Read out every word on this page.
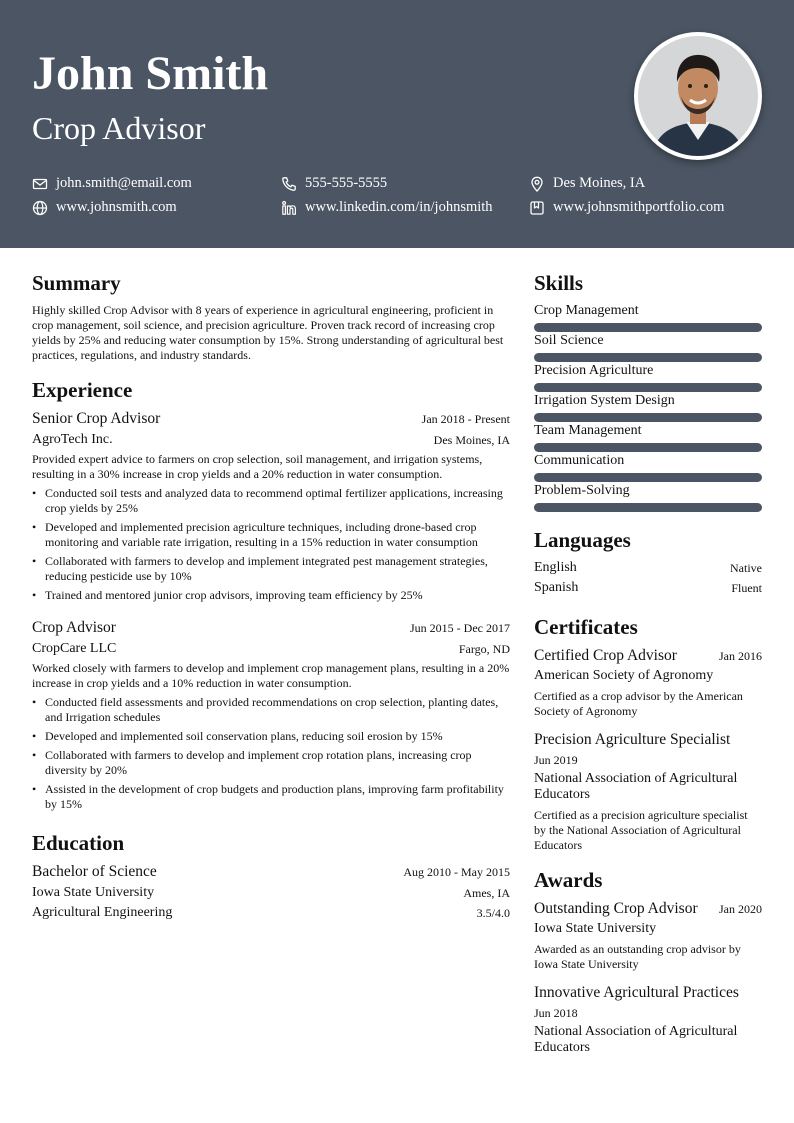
John Smith
Crop Advisor
john.smith@email.com	555-555-5555	Des Moines, IA
www.johnsmith.com	www.linkedin.com/in/johnsmith	www.johnsmithportfolio.com
Summary
Highly skilled Crop Advisor with 8 years of experience in agricultural engineering, proficient in crop management, soil science, and precision agriculture. Proven track record of increasing crop yields by 25% and reducing water consumption by 15%. Strong understanding of agricultural best practices, regulations, and industry standards.
Experience
Senior Crop Advisor	Jan 2018 - Present
AgroTech Inc.	Des Moines, IA
Provided expert advice to farmers on crop selection, soil management, and irrigation systems, resulting in a 30% increase in crop yields and a 20% reduction in water consumption.
• Conducted soil tests and analyzed data to recommend optimal fertilizer applications, increasing crop yields by 25%
• Developed and implemented precision agriculture techniques, including drone-based crop monitoring and variable rate irrigation, resulting in a 15% reduction in water consumption
• Collaborated with farmers to develop and implement integrated pest management strategies, reducing pesticide use by 10%
• Trained and mentored junior crop advisors, improving team efficiency by 25%
Crop Advisor	Jun 2015 - Dec 2017
CropCare LLC	Fargo, ND
Worked closely with farmers to develop and implement crop management plans, resulting in a 20% increase in crop yields and a 10% reduction in water consumption.
• Conducted field assessments and provided recommendations on crop selection, planting dates, and Irrigation schedules
• Developed and implemented soil conservation plans, reducing soil erosion by 15%
• Collaborated with farmers to develop and implement crop rotation plans, increasing crop diversity by 20%
• Assisted in the development of crop budgets and production plans, improving farm profitability by 15%
Education
Bachelor of Science	Aug 2010 - May 2015
Iowa State University	Ames, IA
Agricultural Engineering	3.5/4.0
Skills
Crop Management
Soil Science
Precision Agriculture
Irrigation System Design
Team Management
Communication
Problem-Solving
Languages
English	Native
Spanish	Fluent
Certificates
Certified Crop Advisor	Jan 2016
American Society of Agronomy
Certified as a crop advisor by the American Society of Agronomy
Precision Agriculture Specialist
Jun 2019
National Association of Agricultural Educators
Certified as a precision agriculture specialist by the National Association of Agricultural Educators
Awards
Outstanding Crop Advisor Jan 2020
Iowa State University
Awarded as an outstanding crop advisor by Iowa State University
Innovative Agricultural Practices
Jun 2018
National Association of Agricultural Educators
